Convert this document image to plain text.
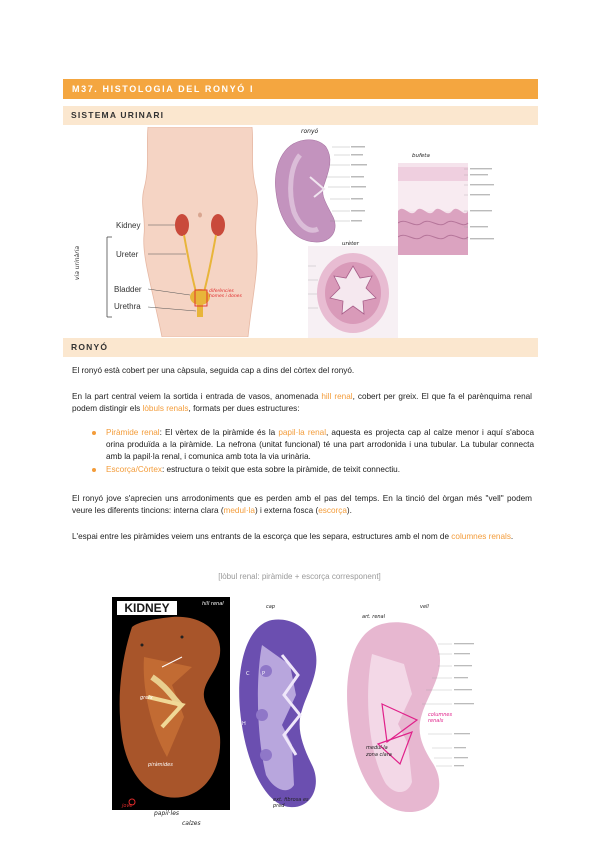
M37. HISTOLOGIA DEL RONYÓ I
SISTEMA URINARI
Kidney
Ureter
Bladder
Urethra
via urinària
diferències homes i dones
ronyó
urèter
bufeta
RONYÓ
El ronyó està cobert per una càpsula, seguida cap a dins del còrtex del ronyó.
En la part central veiem la sortida i entrada de vasos, anomenada hill renal, cobert per greix. El que fa el parènquima renal podem distingir els lòbuls renals, formats per dues estructures:
Piràmide renal: El vèrtex de la piràmide és la papil·la renal, aquesta es projecta cap al calze menor i aquí s'aboca orina produïda a la piràmide. La nefrona (unitat funcional) té una part arrodonida i una tubular. La tubular connecta amb la papil·la renal, i comunica amb tota la via urinària.
Escorça/Còrtex: estructura o teixit que esta sobre la piràmide, de teixit connectiu.
El ronyó jove s'aprecien uns arrodoniments que es perden amb el pas del temps. En la tinció del òrgan més "vell" podem veure les diferents tincions: interna clara (medul·la) i externa fosca (escorça).
L'espai entre les piràmides veiem uns entrants de la escorça que les separa, estructures amb el nom de columnes renals.
[lòbul renal: piràmide + escorça corresponent]
KIDNEY	hill renal
greix
piràmides
jove
papil·les
calzes
C	P
H
cap
ext. fibrosa es pred
art. renal
vell
columnes renals
medul·la
zona clara
